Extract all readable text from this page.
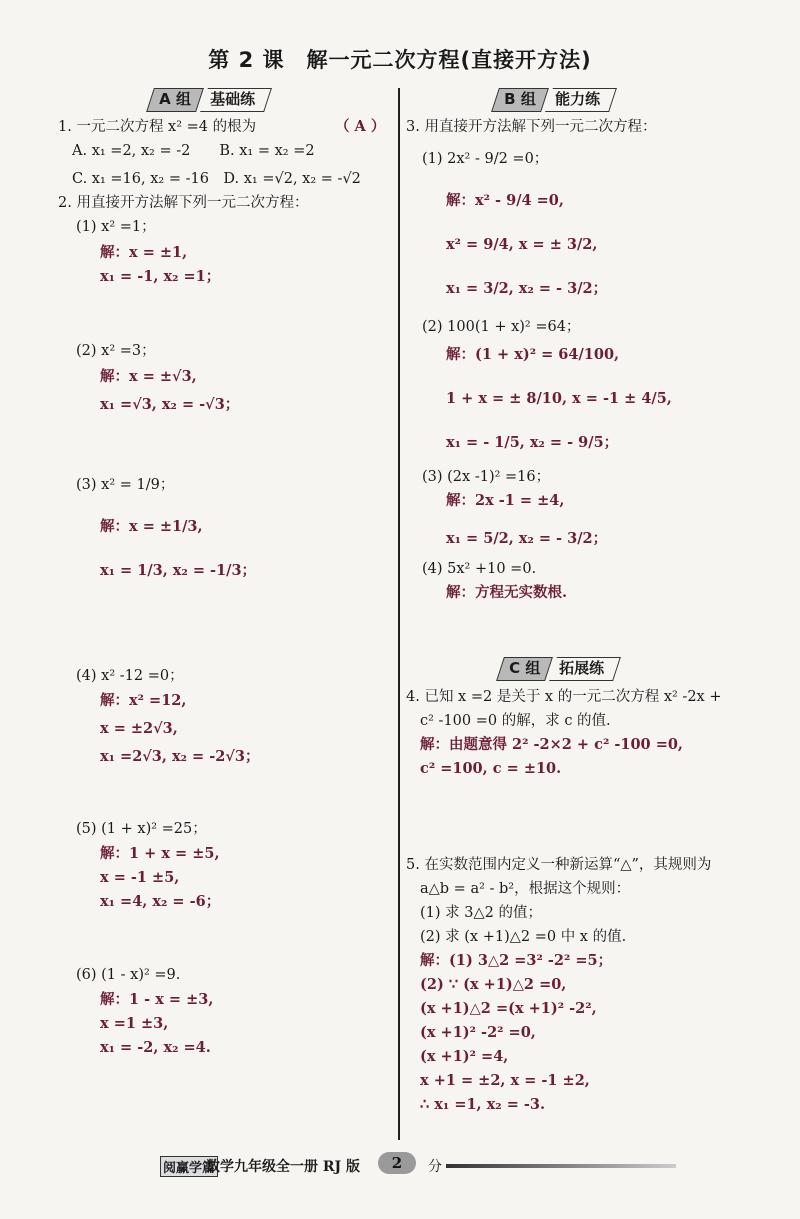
第 2 课　解一元二次方程(直接开方法)
A 组	基础练	B 组	能力练
C 组	拓展练
1. 一元二次方程 x² =4 的根为	（ A ）
A. x₁ =2, x₂ = -2　　B. x₁ = x₂ =2
C. x₁ =16, x₂ = -16　D. x₁ =√2, x₂ = -√2
2. 用直接开方法解下列一元二次方程：
(1) x² =1；
解：x = ±1,
x₁ = -1, x₂ =1；
(2) x² =3；
解：x = ±√3,
x₁ =√3, x₂ = -√3；
(3) x² = 1/9；
解：x = ±1/3,
x₁ = 1/3, x₂ = -1/3；
(4) x² -12 =0；
解：x² =12,
x = ±2√3,
x₁ =2√3, x₂ = -2√3；
(5) (1 + x)² =25；
解：1 + x = ±5,
x = -1 ±5,
x₁ =4, x₂ = -6；
(6) (1 - x)² =9.
解：1 - x = ±3,
x =1 ±3,
x₁ = -2, x₂ =4.
3. 用直接开方法解下列一元二次方程：
(1) 2x² - 9/2 =0；
解：x² - 9/4 =0,
x² = 9/4, x = ± 3/2,
x₁ = 3/2, x₂ = - 3/2；
(2) 100(1 + x)² =64；
解：(1 + x)² = 64/100,
1 + x = ± 8/10, x = -1 ± 4/5,
x₁ = - 1/5, x₂ = - 9/5；
(3) (2x -1)² =16；
解：2x -1 = ±4,
x₁ = 5/2, x₂ = - 3/2；
(4) 5x² +10 =0.
解：方程无实数根.
4. 已知 x =2 是关于 x 的一元二次方程 x² -2x +
c² -100 =0 的解，求 c 的值.
解：由题意得 2² -2×2 + c² -100 =0,
c² =100, c = ±10.
5. 在实数范围内定义一种新运算“△”，其规则为
a△b = a² - b²，根据这个规则：
(1) 求 3△2 的值；
(2) 求 (x +1)△2 =0 中 x 的值.
解：(1) 3△2 =3² -2² =5；
(2) ∵ (x +1)△2 =0,
(x +1)△2 =(x +1)² -2²,
(x +1)² -2² =0,
(x +1)² =4,
x +1 = ±2, x = -1 ±2,
∴ x₁ =1, x₂ = -3.
阅赢学篇
数学九年级全一册 RJ 版	2	分
